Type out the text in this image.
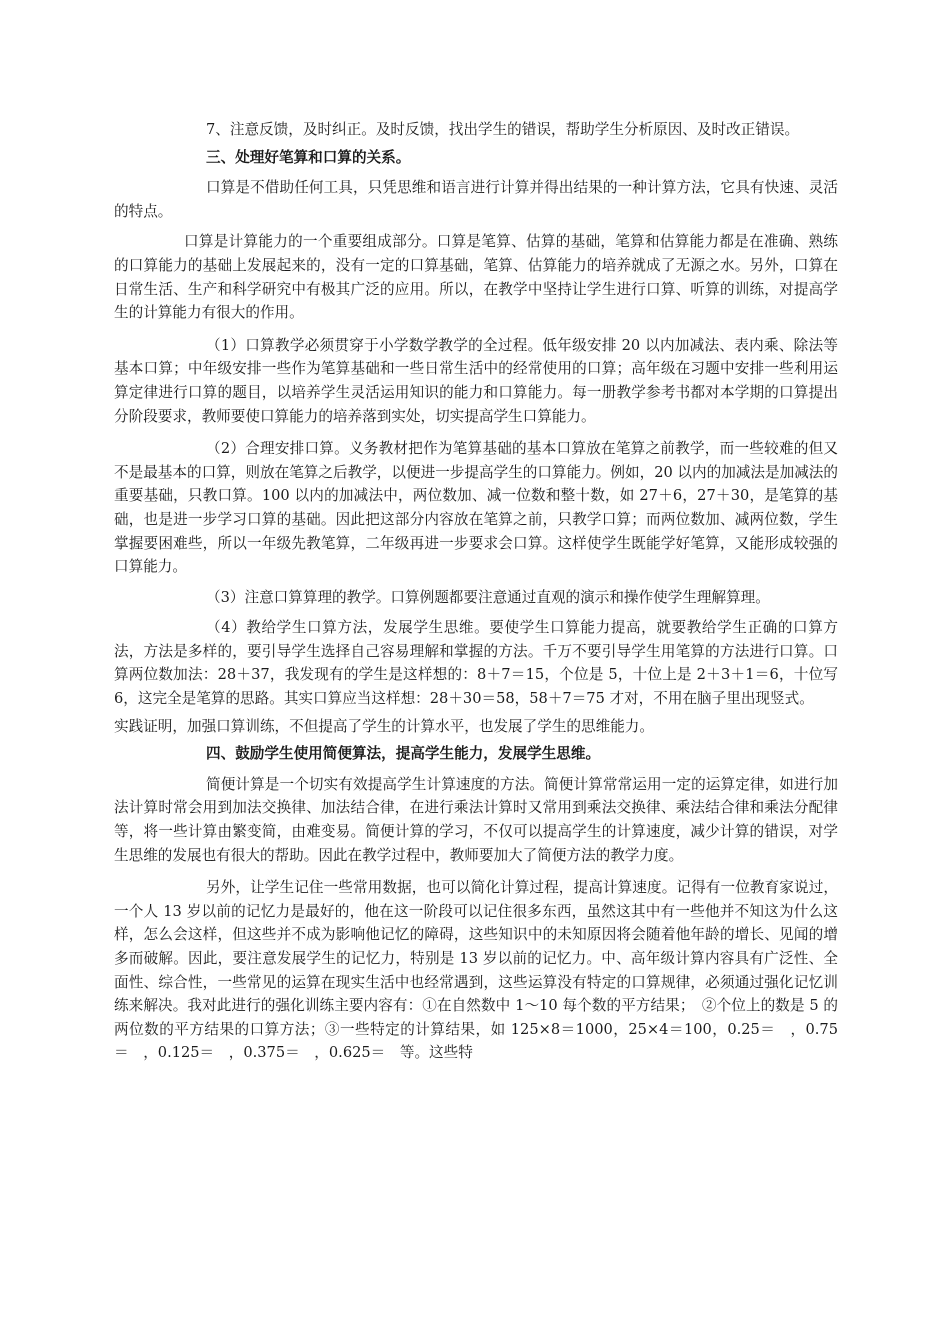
7、注意反馈，及时纠正。及时反馈，找出学生的错误，帮助学生分析原因、及时改正错误。

三、处理好笔算和口算的关系。

口算是不借助任何工具，只凭思维和语言进行计算并得出结果的一种计算方法，它具有快速、灵活的特点。

口算是计算能力的一个重要组成部分。口算是笔算、估算的基础，笔算和估算能力都是在准确、熟练的口算能力的基础上发展起来的，没有一定的口算基础，笔算、估算能力的培养就成了无源之水。另外，口算在日常生活、生产和科学研究中有极其广泛的应用。所以，在教学中坚持让学生进行口算、听算的训练，对提高学生的计算能力有很大的作用。

（1）口算教学必须贯穿于小学数学教学的全过程。低年级安排 20 以内加减法、表内乘、除法等基本口算；中年级安排一些作为笔算基础和一些日常生活中的经常使用的口算；高年级在习题中安排一些利用运算定律进行口算的题目，以培养学生灵活运用知识的能力和口算能力。每一册教学参考书都对本学期的口算提出分阶段要求，教师要使口算能力的培养落到实处，切实提高学生口算能力。

（2）合理安排口算。义务教材把作为笔算基础的基本口算放在笔算之前教学，而一些较难的但又不是最基本的口算，则放在笔算之后教学，以便进一步提高学生的口算能力。例如，20 以内的加减法是加减法的重要基础，只教口算。100 以内的加减法中，两位数加、减一位数和整十数，如 27＋6，27＋30，是笔算的基础，也是进一步学习口算的基础。因此把这部分内容放在笔算之前，只教学口算；而两位数加、减两位数，学生掌握要困难些，所以一年级先教笔算，二年级再进一步要求会口算。这样使学生既能学好笔算，又能形成较强的口算能力。

（3）注意口算算理的教学。口算例题都要注意通过直观的演示和操作使学生理解算理。

（4）教给学生口算方法，发展学生思维。要使学生口算能力提高，就要教给学生正确的口算方法，方法是多样的，要引导学生选择自己容易理解和掌握的方法。千万不要引导学生用笔算的方法进行口算。口算两位数加法：28＋37，我发现有的学生是这样想的：8＋7＝15，个位是 5，十位上是 2＋3＋1＝6，十位写 6，这完全是笔算的思路。其实口算应当这样想：28＋30＝58，58＋7＝75 才对，不用在脑子里出现竖式。

实践证明，加强口算训练，不但提高了学生的计算水平，也发展了学生的思维能力。

四、鼓励学生使用简便算法，提高学生能力，发展学生思维。

简便计算是一个切实有效提高学生计算速度的方法。简便计算常常运用一定的运算定律，如进行加法计算时常会用到加法交换律、加法结合律，在进行乘法计算时又常用到乘法交换律、乘法结合律和乘法分配律等，将一些计算由繁变简，由难变易。简便计算的学习，不仅可以提高学生的计算速度，减少计算的错误，对学生思维的发展也有很大的帮助。因此在教学过程中，教师要加大了简便方法的教学力度。

另外，让学生记住一些常用数据，也可以简化计算过程，提高计算速度。记得有一位教育家说过，一个人 13 岁以前的记忆力是最好的，他在这一阶段可以记住很多东西，虽然这其中有一些他并不知这为什么这样，怎么会这样，但这些并不成为影响他记忆的障碍，这些知识中的未知原因将会随着他年龄的增长、见闻的增多而破解。因此，要注意发展学生的记忆力，特别是 13 岁以前的记忆力。中、高年级计算内容具有广泛性、全面性、综合性，一些常见的运算在现实生活中也经常遇到，这些运算没有特定的口算规律，必须通过强化记忆训练来解决。我对此进行的强化训练主要内容有：①在自然数中 1～10 每个数的平方结果；　②个位上的数是 5 的两位数的平方结果的口算方法；③一些特定的计算结果，如 125×8＝1000，25×4＝100，0.25＝　，0.75＝　，0.125＝　，0.375＝　，0.625＝　等。这些特
